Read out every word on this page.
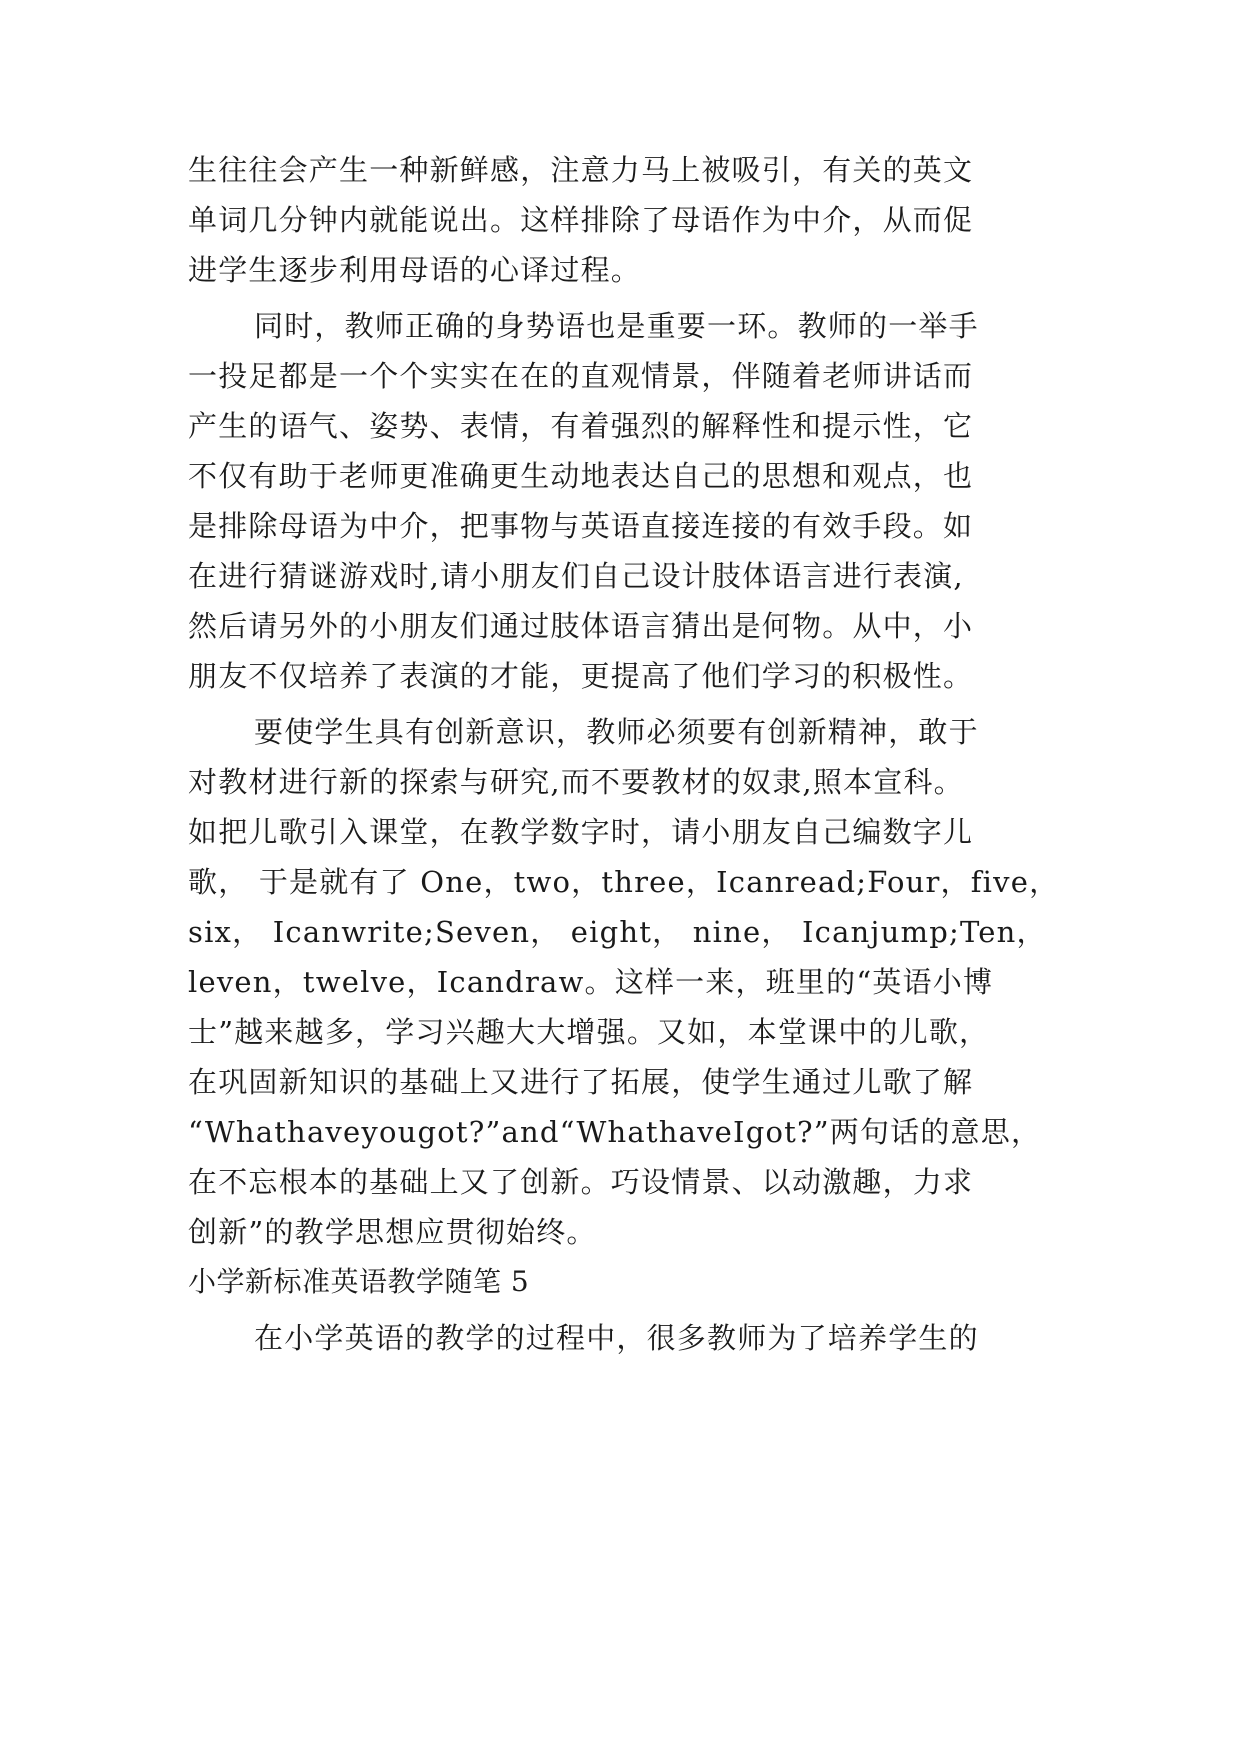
生往往会产生一种新鲜感，注意力马上被吸引，有关的英文

单词几分钟内就能说出。这样排除了母语作为中介，从而促

进学生逐步利用母语的心译过程。

同时，教师正确的身势语也是重要一环。教师的一举手

一投足都是一个个实实在在的直观情景，伴随着老师讲话而

产生的语气、姿势、表情，有着强烈的解释性和提示性，它

不仅有助于老师更准确更生动地表达自己的思想和观点，也

是排除母语为中介，把事物与英语直接连接的有效手段。如

在进行猜谜游戏时,请小朋友们自己设计肢体语言进行表演,

然后请另外的小朋友们通过肢体语言猜出是何物。从中，小

朋友不仅培养了表演的才能，更提高了他们学习的积极性。

要使学生具有创新意识，教师必须要有创新精神，敢于

对教材进行新的探索与研究,而不要教材的奴隶,照本宣科。

如把儿歌引入课堂，在教学数字时，请小朋友自己编数字儿

歌， 于是就有了 One，two，three，Icanread;Four，five，

six， Icanwrite;Seven， eight， nine， Icanjump;Ten，

leven，twelve，Icandraw。这样一来，班里的“英语小博

士”越来越多，学习兴趣大大增强。又如，本堂课中的儿歌，

在巩固新知识的基础上又进行了拓展，使学生通过儿歌了解

“Whathaveyougot?”and“WhathaveIgot?”两句话的意思，

在不忘根本的基础上又了创新。巧设情景、以动激趣，力求

创新”的教学思想应贯彻始终。

小学新标准英语教学随笔 5

在小学英语的教学的过程中，很多教师为了培养学生的
